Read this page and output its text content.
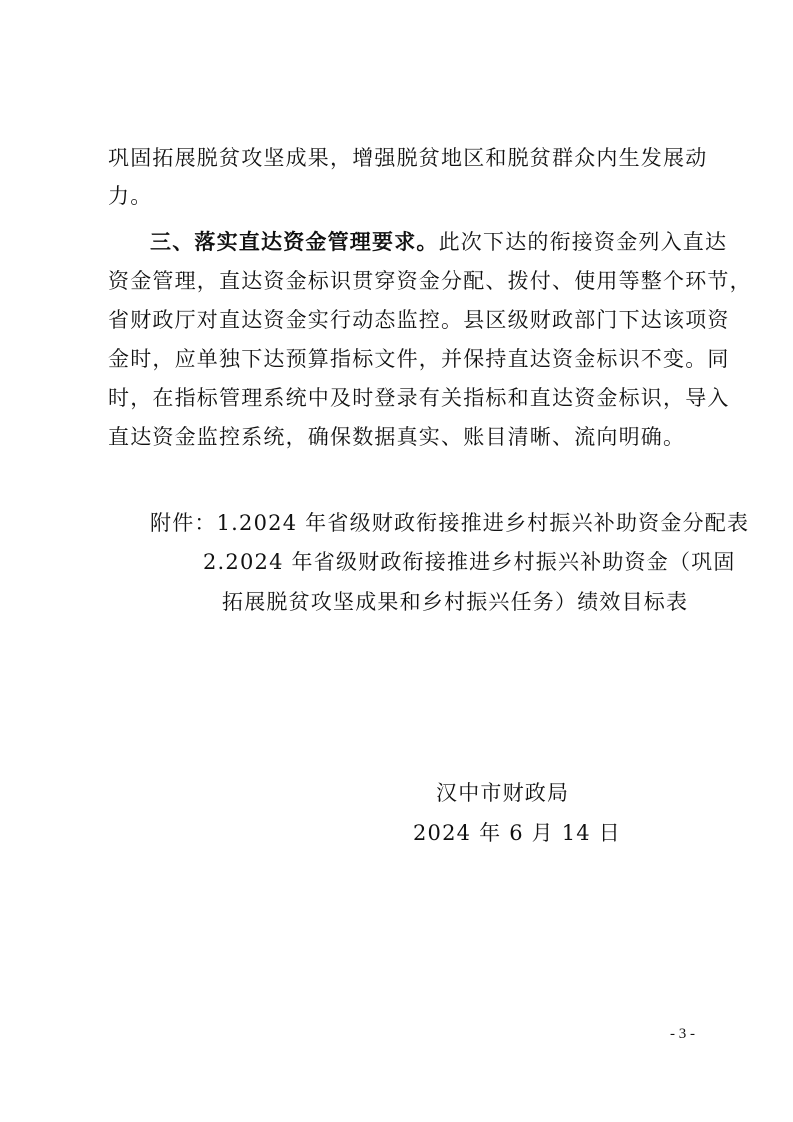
巩固拓展脱贫攻坚成果，增强脱贫地区和脱贫群众内生发展动
力。
三、落实直达资金管理要求。此次下达的衔接资金列入直达
资金管理，直达资金标识贯穿资金分配、拨付、使用等整个环节，
省财政厅对直达资金实行动态监控。县区级财政部门下达该项资
金时，应单独下达预算指标文件，并保持直达资金标识不变。同
时，在指标管理系统中及时登录有关指标和直达资金标识，导入
直达资金监控系统，确保数据真实、账目清晰、流向明确。
附件：1.2024 年省级财政衔接推进乡村振兴补助资金分配表
2.2024 年省级财政衔接推进乡村振兴补助资金（巩固
拓展脱贫攻坚成果和乡村振兴任务）绩效目标表
汉中市财政局
2024 年 6 月 14 日
- 3 -
